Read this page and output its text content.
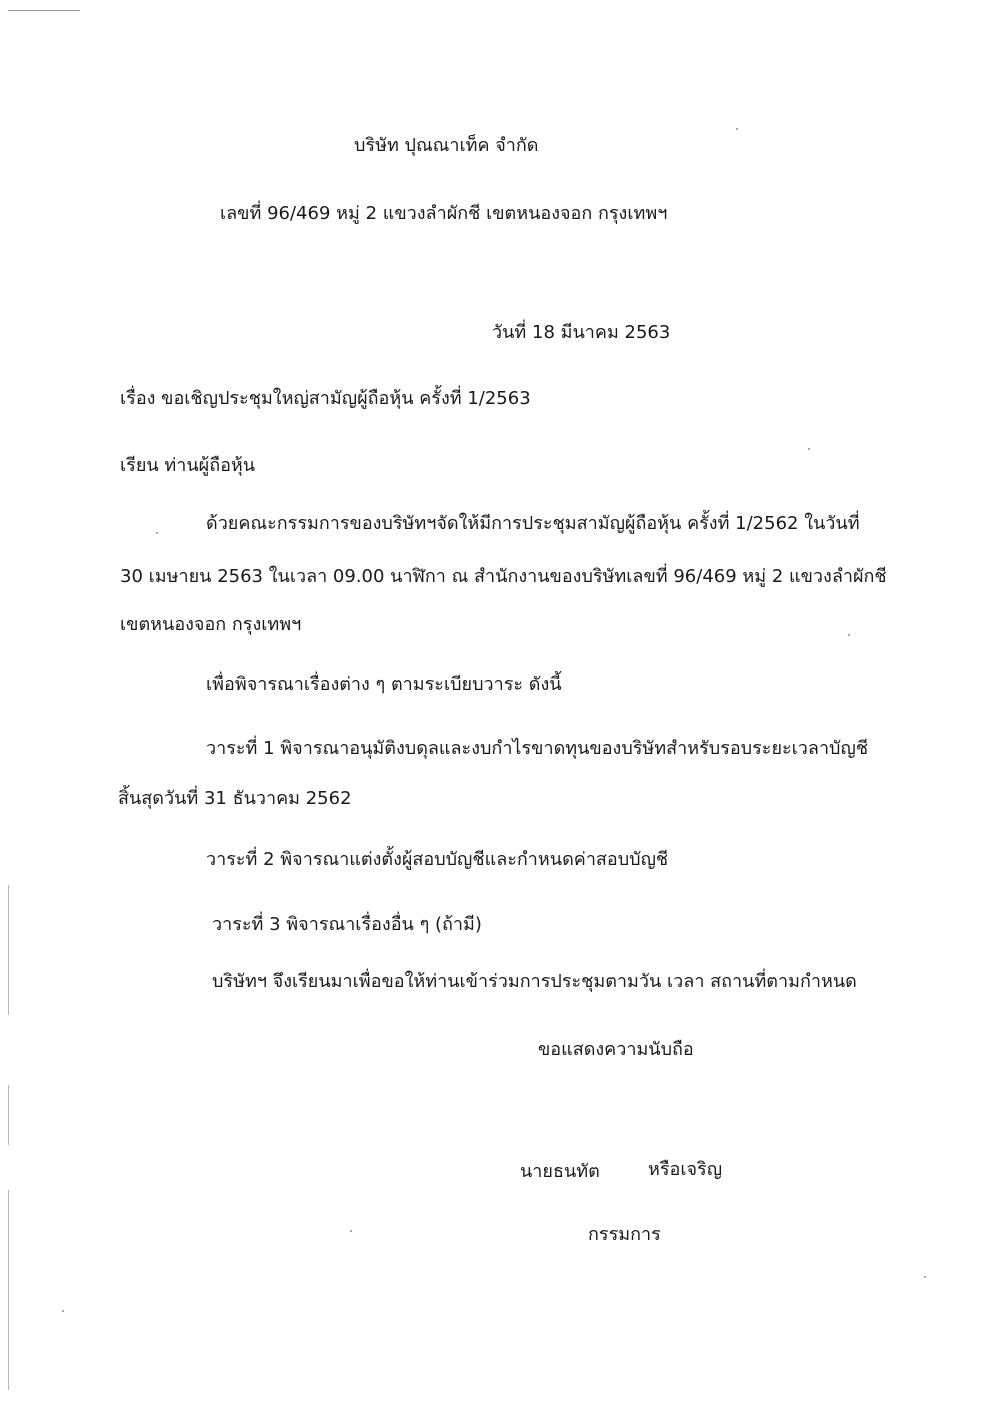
บริษัท ปุณณาเท็ค จำกัด
เลขที่ 96/469 หมู่ 2 แขวงลำผักชี เขตหนองจอก กรุงเทพฯ
วันที่ 18 มีนาคม 2563
เรื่อง ขอเชิญประชุมใหญ่สามัญผู้ถือหุ้น ครั้งที่ 1/2563
เรียน ท่านผู้ถือหุ้น
ด้วยคณะกรรมการของบริษัทฯจัดให้มีการประชุมสามัญผู้ถือหุ้น ครั้งที่ 1/2562 ในวันที่
30 เมษายน 2563 ในเวลา 09.00 นาฬิกา ณ สำนักงานของบริษัทเลขที่ 96/469 หมู่ 2 แขวงลำผักชี
เขตหนองจอก กรุงเทพฯ
เพื่อพิจารณาเรื่องต่าง ๆ ตามระเบียบวาระ ดังนี้
วาระที่ 1 พิจารณาอนุมัติงบดุลและงบกำไรขาดทุนของบริษัทสำหรับรอบระยะเวลาบัญชี
สิ้นสุดวันที่ 31 ธันวาคม 2562
วาระที่ 2 พิจารณาแต่งตั้งผู้สอบบัญชีและกำหนดค่าสอบบัญชี
วาระที่ 3 พิจารณาเรื่องอื่น ๆ (ถ้ามี)
บริษัทฯ จึงเรียนมาเพื่อขอให้ท่านเข้าร่วมการประชุมตามวัน เวลา สถานที่ตามกำหนด
ขอแสดงความนับถือ
นายธนทัต	หรือเจริญ
กรรมการ
